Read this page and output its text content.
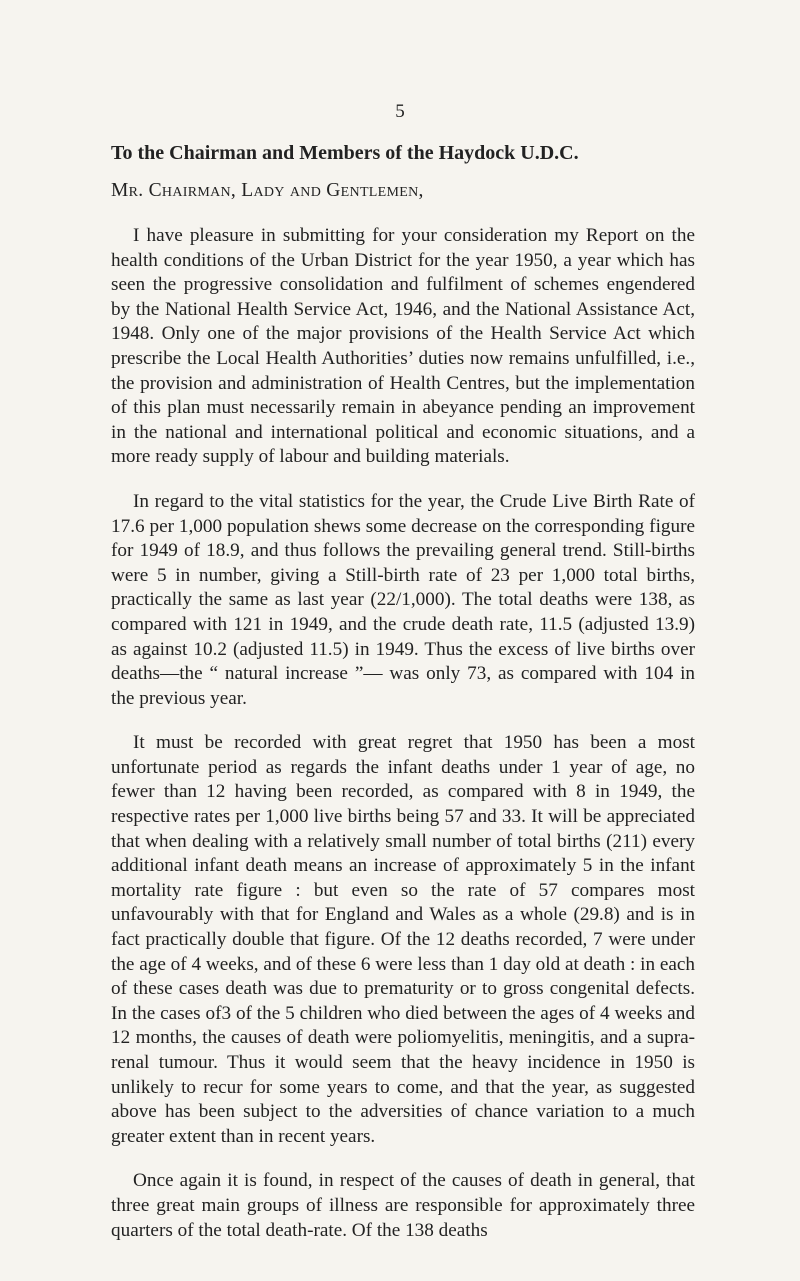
5
To the Chairman and Members of the Haydock U.D.C.
Mr. Chairman, Lady and Gentlemen,

I have pleasure in submitting for your consideration my Report on the health conditions of the Urban District for the year 1950, a year which has seen the progressive consolidation and fulfilment of schemes engendered by the National Health Service Act, 1946, and the National Assistance Act, 1948. Only one of the major provisions of the Health Service Act which prescribe the Local Health Authorities’ duties now remains unfulfilled, i.e., the provision and administration of Health Centres, but the implementation of this plan must necessarily remain in abeyance pending an improvement in the national and international political and economic situations, and a more ready supply of labour and building materials.

In regard to the vital statistics for the year, the Crude Live Birth Rate of 17.6 per 1,000 population shews some decrease on the corresponding figure for 1949 of 18.9, and thus follows the prevailing general trend. Still-births were 5 in number, giving a Still-birth rate of 23 per 1,000 total births, practically the same as last year (22/1,000). The total deaths were 138, as compared with 121 in 1949, and the crude death rate, 11.5 (adjusted 13.9) as against 10.2 (adjusted 11.5) in 1949. Thus the excess of live births over deaths—the “ natural increase ”— was only 73, as compared with 104 in the previous year.

It must be recorded with great regret that 1950 has been a most unfortunate period as regards the infant deaths under 1 year of age, no fewer than 12 having been recorded, as compared with 8 in 1949, the respective rates per 1,000 live births being 57 and 33. It will be appreciated that when dealing with a relatively small number of total births (211) every additional infant death means an increase of approximately 5 in the infant mortality rate figure : but even so the rate of 57 compares most unfavourably with that for England and Wales as a whole (29.8) and is in fact practically double that figure. Of the 12 deaths recorded, 7 were under the age of 4 weeks, and of these 6 were less than 1 day old at death : in each of these cases death was due to prematurity or to gross congenital defects. In the cases of3 of the 5 children who died between the ages of 4 weeks and 12 months, the causes of death were poliomyelitis, meningitis, and a supra-renal tumour. Thus it would seem that the heavy incidence in 1950 is unlikely to recur for some years to come, and that the year, as suggested above has been subject to the adversities of chance variation to a much greater extent than in recent years.

Once again it is found, in respect of the causes of death in general, that three great main groups of illness are responsible for approximately three quarters of the total death-rate. Of the 138 deaths
